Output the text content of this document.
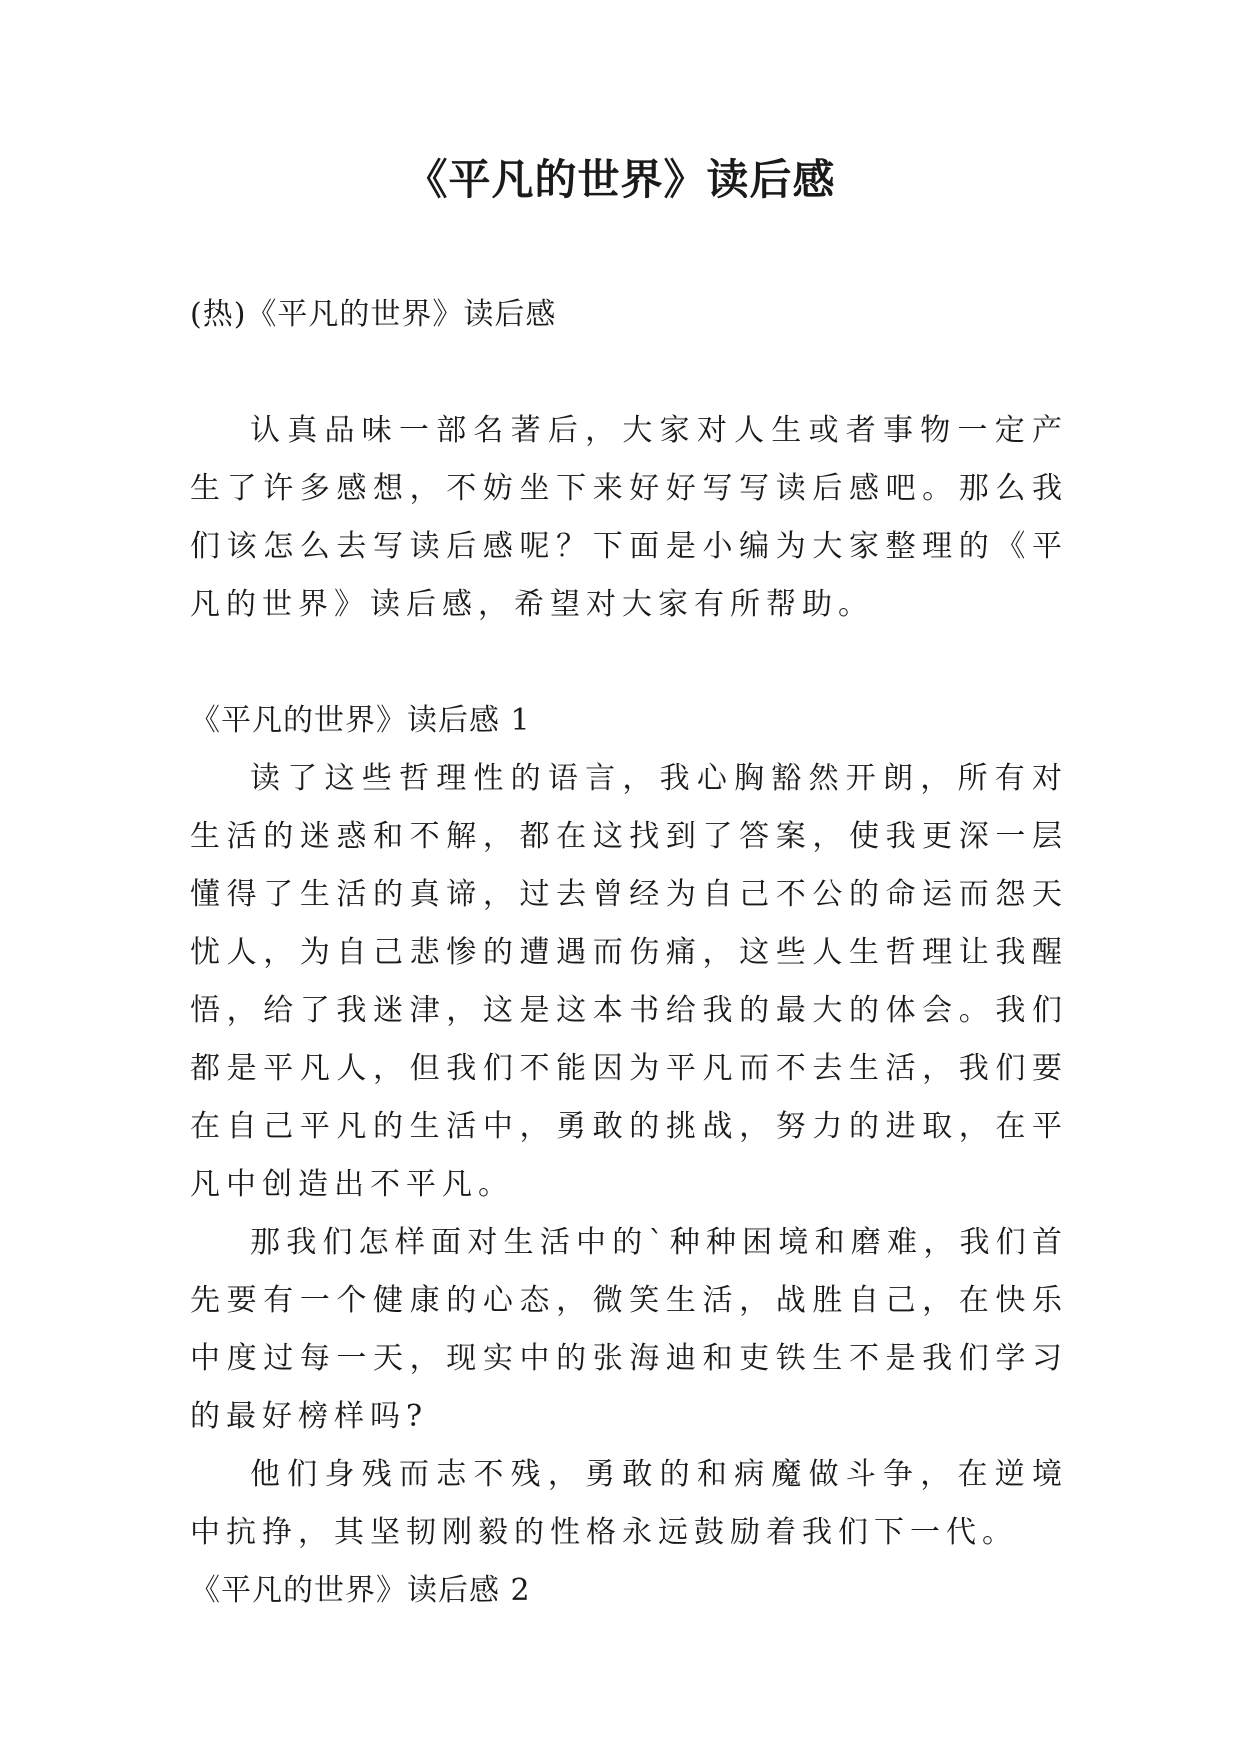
《平凡的世界》读后感

(热)《平凡的世界》读后感

认真品味一部名著后，大家对人生或者事物一定产生了许多感想，不妨坐下来好好写写读后感吧。那么我们该怎么去写读后感呢？下面是小编为大家整理的《平凡的世界》读后感，希望对大家有所帮助。

《平凡的世界》读后感 1

读了这些哲理性的语言，我心胸豁然开朗，所有对生活的迷惑和不解，都在这找到了答案，使我更深一层懂得了生活的真谛，过去曾经为自己不公的命运而怨天忧人，为自己悲惨的遭遇而伤痛，这些人生哲理让我醒悟，给了我迷津，这是这本书给我的最大的体会。我们都是平凡人，但我们不能因为平凡而不去生活，我们要在自己平凡的生活中，勇敢的挑战，努力的进取，在平凡中创造出不平凡。

那我们怎样面对生活中的`种种困境和磨难，我们首先要有一个健康的心态，微笑生活，战胜自己，在快乐中度过每一天，现实中的张海迪和吏铁生不是我们学习的最好榜样吗?

他们身残而志不残，勇敢的和病魔做斗争，在逆境中抗挣，其坚韧刚毅的性格永远鼓励着我们下一代。

《平凡的世界》读后感 2
